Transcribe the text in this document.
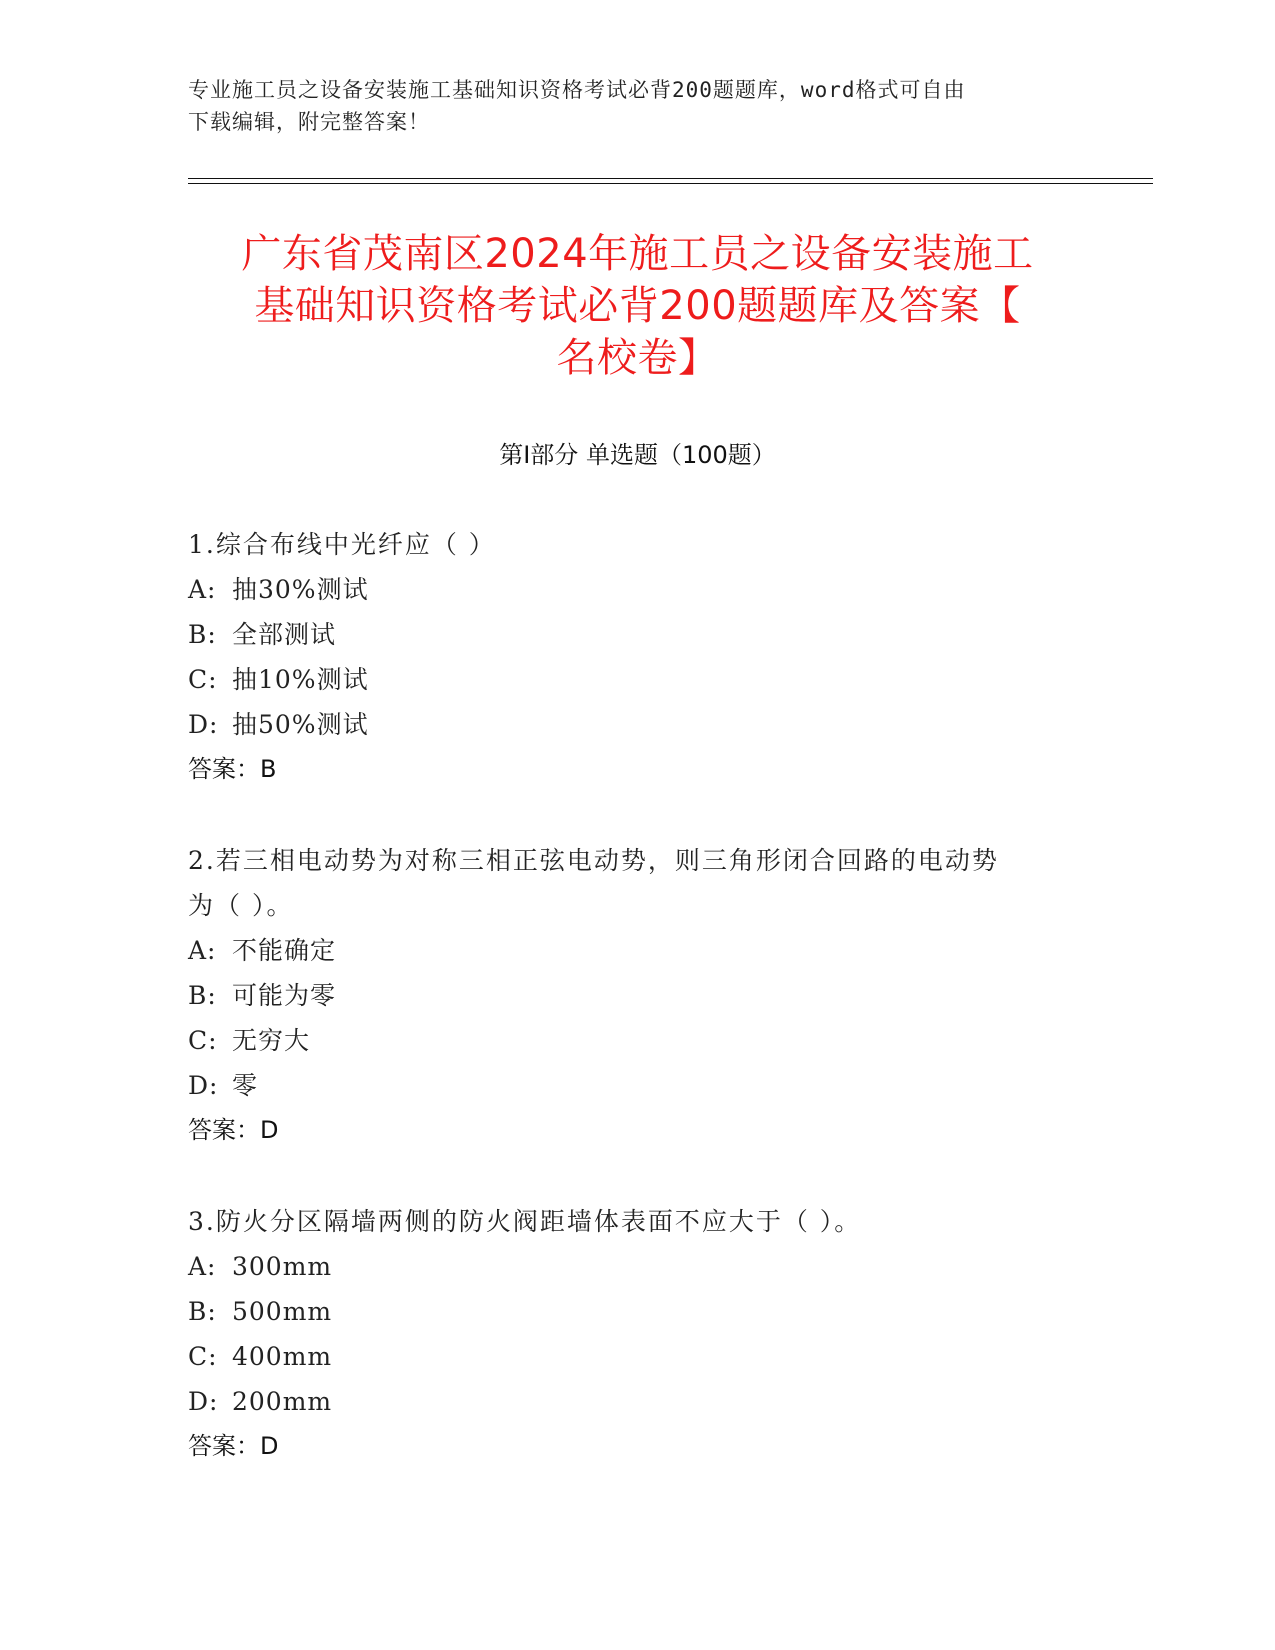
专业施工员之设备安装施工基础知识资格考试必背200题题库，word格式可自由
下载编辑，附完整答案！
广东省茂南区2024年施工员之设备安装施工
基础知识资格考试必背200题题库及答案【
名校卷】
第I部分 单选题（100题）
1.综合布线中光纤应（ ）
A: 抽30%测试
B: 全部测试
C: 抽10%测试
D: 抽50%测试
答案：B
2.若三相电动势为对称三相正弦电动势，则三角形闭合回路的电动势
为（ ）。
A: 不能确定
B: 可能为零
C: 无穷大
D: 零
答案：D
3.防火分区隔墙两侧的防火阀距墙体表面不应大于（ ）。
A: 300mm
B: 500mm
C: 400mm
D: 200mm
答案：D
